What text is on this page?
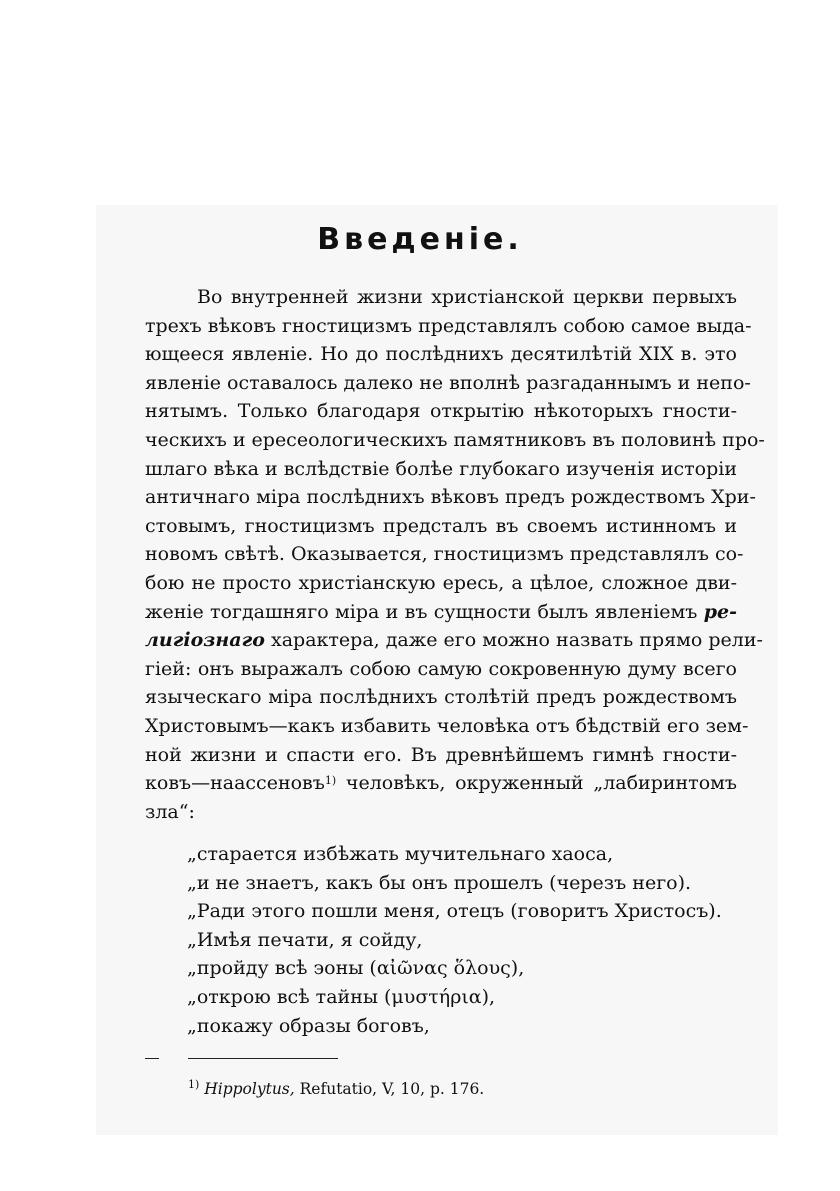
Введенiе.
Во внутренней жизни христiанской церкви первыхъ
трехъ вѣковъ гностицизмъ представлялъ собою самое выда-
ющееся явленiе. Но до послѣднихъ десятилѣтiй XIX в. это
явленiе оставалось далеко не вполнѣ разгаданнымъ и непо-
нятымъ. Только благодаря открытiю нѣкоторыхъ гности-
ческихъ и ересеологическихъ памятниковъ въ половинѣ про-
шлаго вѣка и вслѣдствiе болѣе глубокаго изученiя исторiи
античнаго мiра послѣднихъ вѣковъ предъ рождествомъ Хри-
стовымъ, гностицизмъ предсталъ въ своемъ истинномъ и
новомъ свѣтѣ. Оказывается, гностицизмъ представлялъ со-
бою не просто христiанскую ересь, а цѣлое, сложное дви-
женiе тогдашняго мiра и въ сущности былъ явленiемъ ре-
лигiознаго характера, даже его можно назвать прямо рели-
гiей: онъ выражалъ собою самую сокровенную думу всего
языческаго мiра послѣднихъ столѣтiй предъ рождествомъ
Христовымъ—какъ избавить человѣка отъ бѣдствiй его зем-
ной жизни и спасти его. Въ древнѣйшемъ гимнѣ гности-
ковъ—наассеновъ$^{1)}$ человѣкъ, окруженный „лабиринтомъ
зла“:
„старается избѣжать мучительнаго хаоса,
„и не знаетъ, какъ бы онъ прошелъ (черезъ него).
„Ради этого пошли меня, отецъ (говоритъ Христосъ).
„Имѣя печати, я сойду,
„пройду всѣ эоны (αἰῶνας ὅλους),
„открою всѣ тайны (μυστήρια),
„покажу образы боговъ,
$^{1)}$ Hippolytus, Refutatio, V, 10, p. 176.
